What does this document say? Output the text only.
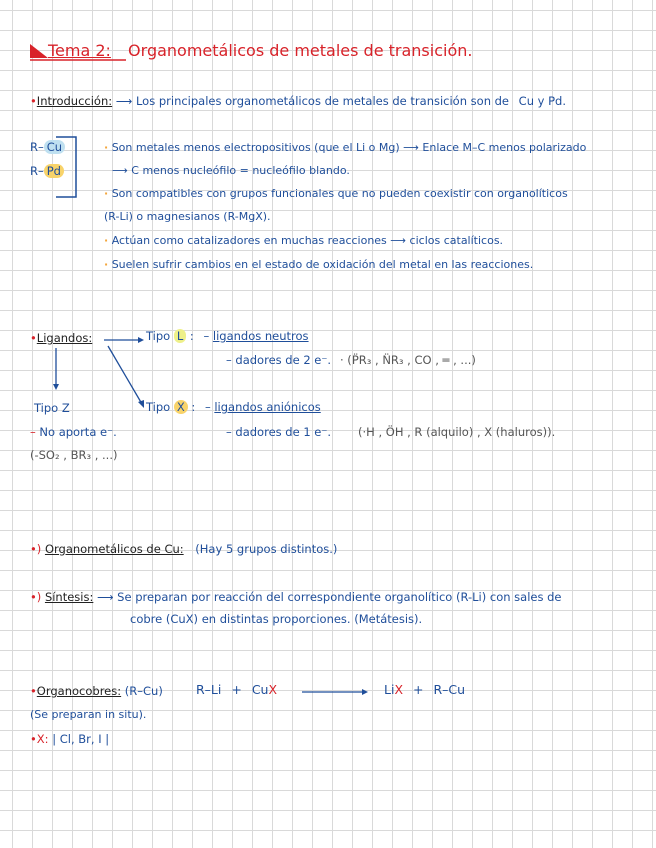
Tema 2: Organometálicos de metales de transición.
•Introducción: ⟶ Los principales organometálicos de metales de transición son de Cu y Pd.
R– Cu
R– Pd
· Son metales menos electropositivos (que el Li o Mg) ⟶ Enlace M–C menos polarizado
⟶ C menos nucleófilo = nucleófilo blando.
· Son compatibles con grupos funcionales que no pueden coexistir con organolíticos
(R-Li) o magnesianos (R-MgX).
· Actúan como catalizadores en muchas reacciones ⟶ ciclos catalíticos.
· Suelen sufrir cambios en el estado de oxidación del metal en las reacciones.
•Ligandos:	Tipo L : – ligandos neutros
– dadores de 2 e⁻. · (P̈R₃ , N̈R₃ , CO , ═ , ...)
Tipo Z
– No aporta e⁻.
(-SO₂ , BR₃ , ...)
Tipo X : – ligandos aniónicos
– dadores de 1 e⁻. (·H , ÖH , R (alquilo) , X (haluros)).
•) Organometálicos de Cu: (Hay 5 grupos distintos.)
•) Síntesis: ⟶ Se preparan por reacción del correspondiente organolítico (R-Li) con sales de
cobre (CuX) en distintas proporciones. (Metátesis).
•Organocobres: (R–Cu)	R–Li + CuX	LiX + R–Cu
(Se preparan in situ).
•X: | Cl, Br, I |
